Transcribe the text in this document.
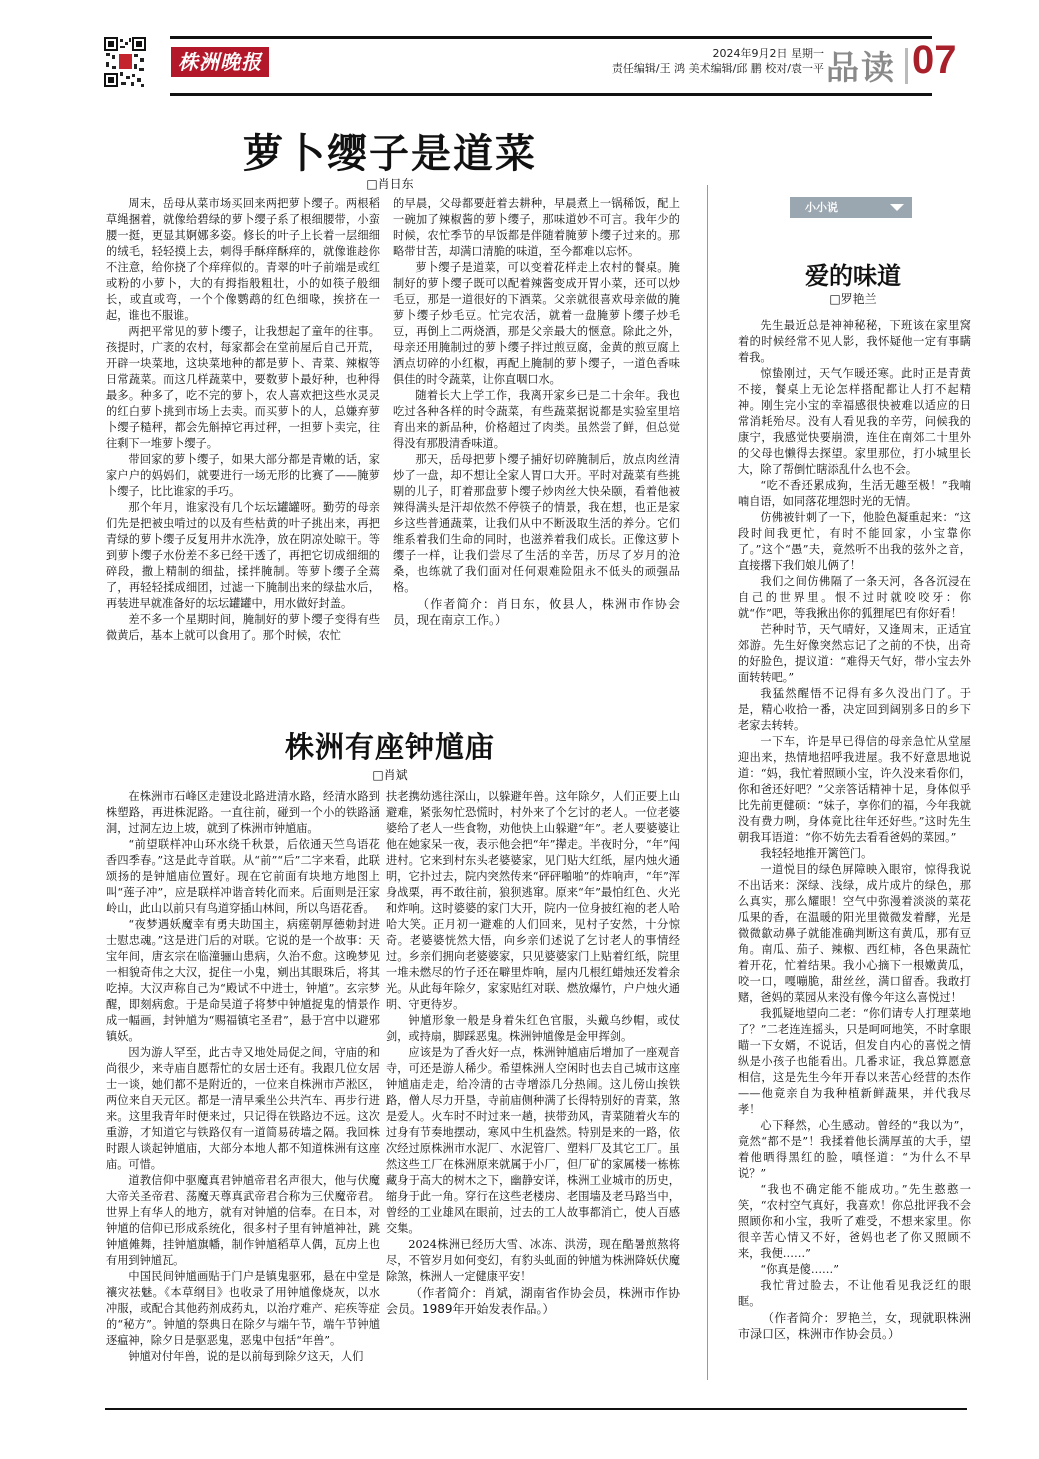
株洲晚报	2024年9月2日 星期一
责任编辑/王 鸿 美术编辑/邱 鹏 校对/袁一平 品读 07
萝卜缨子是道菜
□肖日东

周末，岳母从菜市场买回来两把萝卜缨子。两根稻草绳捆着，就像给碧绿的萝卜缨子系了根细腰带，小蛮腰一挺，更显其婀娜多姿。修长的叶子上长着一层细细的绒毛，轻轻摸上去，刺得手酥痒酥痒的，就像谁趁你不注意，给你挠了个痒痒似的。青翠的叶子前端是或红或粉的小萝卜，大的有拇指般粗壮，小的如筷子般细长，或直或弯，一个个像鹦鹉的红色细喙，挨挤在一起，谁也不服谁。

两把平常见的萝卜缨子，让我想起了童年的往事。孩提时，广袤的农村，每家都会在堂前屋后自己开荒，开辟一块菜地，这块菜地种的都是萝卜、青菜、辣椒等日常蔬菜。而这几样蔬菜中，要数萝卜最好种，也种得最多。种多了，吃不完的萝卜，农人喜欢把这些水灵灵的红白萝卜挑到市场上去卖。而买萝卜的人，总嫌弃萝卜缨子糙秤，都会先斛掉它再过秤，一担萝卜卖完，往往剩下一堆萝卜缨子。

带回家的萝卜缨子，如果大部分都是青嫩的话，家家户户的妈妈们，就要进行一场无形的比赛了——腌萝卜缨子，比比谁家的手巧。

那个年月，谁家没有几个坛坛罐罐呀。勤劳的母亲们先是把被虫啃过的以及有些枯黄的叶子挑出来，再把青绿的萝卜缨子反复用井水洗净，放在阴凉处晾干。等到萝卜缨子水份差不多已经干透了，再把它切成细细的碎段，撒上精制的细盐，揉拌腌制。等萝卜缨子全蔫了，再轻轻揉成细团，过滤一下腌制出来的绿盐水后，再装进早就准备好的坛坛罐罐中，用水做好封盖。

差不多一个星期时间，腌制好的萝卜缨子变得有些微黄后，基本上就可以食用了。那个时候，农忙

的早晨，父母都要赶着去耕种，早晨煮上一锅稀饭，配上一碗加了辣椒酱的萝卜缨子，那味道妙不可言。我年少的时候，农忙季节的早饭都是伴随着腌萝卜缨子过来的。那略带甘苦，却满口清脆的味道，至今都难以忘怀。

萝卜缨子是道菜，可以变着花样走上农村的餐桌。腌制好的萝卜缨子既可以配着辣酱变成开胃小菜，还可以炒毛豆，那是一道很好的下酒菜。父亲就很喜欢母亲做的腌萝卜缨子炒毛豆。忙完农活，就着一盘腌萝卜缨子炒毛豆，再倒上二两烧酒，那是父亲最大的惬意。除此之外，母亲还用腌制过的萝卜缨子拌过煎豆腐，金黄的煎豆腐上洒点切碎的小红椒，再配上腌制的萝卜缨子，一道色香味俱佳的时令蔬菜，让你直咽口水。

随着长大上学工作，我离开家乡已是二十余年。我也吃过各种各样的时令蔬菜，有些蔬菜据说都是实验室里培育出来的新品种，价格超过了肉类。虽然尝了鲜，但总觉得没有那股清香味道。

那天，岳母把萝卜缨子捕好切碎腌制后，放点肉丝清炒了一盘，却不想让全家人胃口大开。平时对蔬菜有些挑剔的儿子，盯着那盘萝卜缨子炒肉丝大快朵颐，看着他被辣得满头是汗却依然不停筷子的情景，我在想，也正是家乡这些普通蔬菜，让我们从中不断汲取生活的养分。它们维系着我们生命的同时，也滋养着我们成长。正像这萝卜缨子一样，让我们尝尽了生活的辛苦，历尽了岁月的沧桑，也练就了我们面对任何艰难险阻永不低头的顽强品格。

（作者简介：肖日东，攸县人，株洲市作协会员，现在南京工作。）

小小说
爱的味道
□罗艳兰

先生最近总是神神秘秘，下班该在家里窝着的时候经常不见人影，我怀疑他一定有事瞒着我。

惊蛰刚过，天气乍暖还寒。此时正是青黄不接，餐桌上无论怎样搭配都让人打不起精神。刚生完小宝的幸福感很快被难以适应的日常消耗殆尽。没有人看见我的辛劳，问候我的康宁，我感觉快要崩溃，连住在南郊二十里外的父母也懒得去探望。家里那位，打小城里长大，除了帮倒忙瞎添乱什么也不会。

“吃不香还累成狗，生活无趣至极！”我喃喃自语，如同落花埋怨时光的无情。

仿佛被针刺了一下，他脸色凝重起来：“这段时间我更忙，有时不能回家，小宝靠你了。”这个“愚”夫，竟然听不出我的弦外之音，直接撂下我们娘儿俩了！

我们之间仿佛隔了一条天河，各各沉浸在自己的世界里。恨不过时就咬咬牙：你就“作”吧，等我揪出你的狐狸尾巴有你好看！

芒种时节，天气晴好，又逢周末，正适宜郊游。先生好像突然忘记了之前的不快，出奇的好脸色，提议道：“难得天气好，带小宝去外面转转吧。”

我猛然醒悟不记得有多久没出门了。于是，精心收拾一番，决定回到阔别多日的乡下老家去转转。

一下车，许是早已得信的母亲急忙从堂屋迎出来，热情地招呼我进屋。我不好意思地说道：“妈，我忙着照顾小宝，许久没来看你们，你和爸还好吧？”父亲答话精神十足，身体似乎比先前更健硕：“妹子，享你们的福，今年我就没有费力咧，身体竟比往年还好些。”这时先生朝我耳语道：“你不妨先去看看爸妈的菜园。”

我轻轻地推开篱笆门。

一道悦目的绿色屏障映入眼帘，惊得我说不出话来：深绿、浅绿，成片成片的绿色，那么真实，那么耀眼！空气中弥漫着淡淡的菜花瓜果的香，在温暖的阳光里微微发着酵，光是微微歙动鼻子就能准确判断这有黄瓜，那有豆角。南瓜、茄子、辣椒、西红柿，各色果蔬忙着开花，忙着结果。我小心摘下一根嫩黄瓜，咬一口，嘎嘣脆，甜丝丝，满口留香。我敢打赌，爸妈的菜园从来没有像今年这么喜悦过！

我狐疑地望向二老：“你们请专人打理菜地了？”二老连连摇头，只是呵呵地笑，不时拿眼瞄一下女婿，不说话，但发自内心的喜悦之情纵是小孩子也能看出。几番求证，我总算愿意相信，这是先生今年开春以来苦心经营的杰作——他竟亲自为我种植新鲜蔬果，并代我尽孝！

心下释然，心生感动。曾经的“我以为”，竟然“都不是”！我揉着他长满厚茧的大手，望着他晒得黑红的脸，嗔怪道：“为什么不早说？”

“我也不确定能不能成功。”先生憨憨一笑，“农村空气真好，我喜欢！你总批评我不会照顾你和小宝，我听了难受，不想来家里。你很辛苦心情又不好，爸妈也老了你又照顾不来，我便……”

“你真是傻……”

我忙背过脸去，不让他看见我泛红的眼眶。

（作者简介：罗艳兰，女，现就职株洲市渌口区，株洲市作协会员。）

株洲有座钟馗庙
□肖斌

在株洲市石峰区走建设北路进清水路，经清水路到株塑路，再进株泥路。一直往前，碰到一个小的铁路涵洞，过洞左边上坡，就到了株洲市钟馗庙。

“前望联样冲山环水绕千秋景，后依通天竺鸟语花香四季春。”这是此寺首联。从“前”“后”二字来看，此联颂扬的是钟馗庙位置好。现在它前面有块地方地图上叫“莲子冲”，应是联样冲谐音转化而来。后面则是汪家岭山，此山以前只有鸟道穿插山林间，所以鸟语花香。

“夜梦遇妖魔幸有勇夫助国主，病瘥朝厚德勅封进士慰忠魂。”这是进门后的对联。它说的是一个故事：天宝年间，唐玄宗在临潼骊山患病，久治不愈。这晚梦见一相貌奇伟之大汉，捉住一小鬼，剜出其眼珠后，将其吃掉。大汉声称自己为“殿试不中进士，钟馗”。玄宗梦醒，即刻病愈。于是命吴道子将梦中钟馗捉鬼的情景作成一幅画，封钟馗为“赐福镇宅圣君”，悬于宫中以避邪镇妖。

因为游人罕至，此古寺又地处局促之间，守庙的和尚很少，来寺庙自愿帮忙的女居士还有。我跟几位女居士一谈，她们都不是附近的，一位来自株洲市芦淞区，两位来自天元区。都是一清早乘坐公共汽车、再步行进来。这里我青年时便来过，只记得在铁路边不远。这次重游，才知道它与铁路仅有一道简易砖墙之隔。我回株时跟人谈起钟馗庙，大部分本地人都不知道株洲有这座庙。可惜。

道教信仰中驱魔真君钟馗帝君名声很大，他与伏魔大帝关圣帝君、荡魔天尊真武帝君合称为三伏魔帝君。世界上有华人的地方，就有对钟馗的信奉。在日本，对钟馗的信仰已形成系统化，很多村子里有钟馗神社，跳钟馗傩舞，挂钟馗旗幡，制作钟馗稻草人偶，瓦房上也有用到钟馗瓦。

中国民间钟馗画贴于门户是镇鬼驱邪，悬在中堂是禳灾祛魅。《本草纲目》也收录了用钟馗像烧灰，以水冲服，或配合其他药剂成药丸，以治疗难产、疟疾等症的“秘方”。钟馗的祭典日在除夕与端午节，端午节钟馗逐瘟神，除夕日是驱恶鬼，恶鬼中包括“年兽”。

钟馗对付年兽，说的是以前每到除夕这天，人们

扶老携幼逃往深山，以躲避年兽。这年除夕，人们正要上山避难，紧张匆忙恐慌时，村外来了个乞讨的老人。一位老婆婆给了老人一些食物，劝他快上山躲避“年”。老人要婆婆让他在她家呆一夜，表示他会把“年”撵走。半夜时分，“年”闯进村。它来到村东头老婆婆家，见门贴大红纸，屋内烛火通明，它扑过去，院内突然传来“砰砰啪啪”的炸响声，“年”浑身战栗，再不敢往前，狼狈逃窜。原来“年”最怕红色、火光和炸响。这时婆婆的家门大开，院内一位身披红袍的老人哈哈大笑。正月初一避难的人们回来，见村子安然，十分惊奇。老婆婆恍然大悟，向乡亲们述说了乞讨老人的事情经过。乡亲们拥向老婆婆家，只见婆婆家门上贴着红纸，院里一堆未燃尽的竹子还在噼里炸响，屋内几根红蜡烛还发着余光。从此每年除夕，家家贴红对联、燃放爆竹，户户烛火通明、守更待岁。

钟馗形象一般是身着朱红色官服，头戴乌纱帽，或仗剑，或持扇，脚踩恶鬼。株洲钟馗像是金甲挥剑。

应该是为了香火好一点，株洲钟馗庙后增加了一座观音寺，可还是游人稀少。希望株洲人空闲时也去自己城市这座钟馗庙走走，给冷清的古寺增添几分热闹。这儿傍山挨铁路，僧人尽力开垦，寺前庙侧种满了长得特别好的青菜，煞是爱人。火车时不时过来一趟，挟带劲风，青菜随着火车的过身有节奏地摆动，寒风中生机盎然。特别是来的一路，依次经过原株洲市水泥厂、水泥管厂、塑料厂及其它工厂。虽然这些工厂在株洲原来就属于小厂，但厂矿的家属楼一栋栋藏身于高大的树木之下，幽静安详，株洲工业城市的历史，缩身于此一角。穿行在这些老楼房、老围墙及老马路当中，曾经的工业雄风在眼前，过去的工人故事都消亡，使人百感交集。

2024株洲已经历大雪、冰冻、洪涝，现在酷暑煎熬将尽，不管岁月如何变幻，有豹头虬面的钟馗为株洲降妖伏魔除煞，株洲人一定健康平安！

（作者简介：肖斌，湖南省作协会员，株洲市作协会员。1989年开始发表作品。）
